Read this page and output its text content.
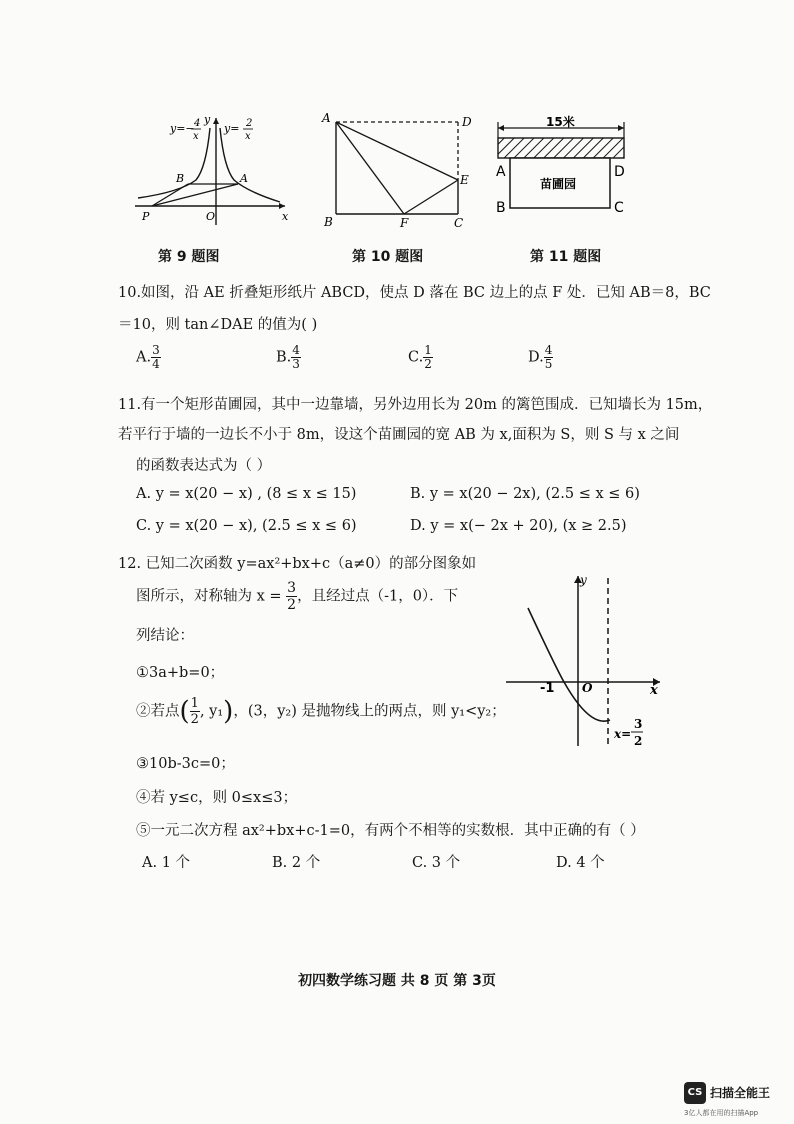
y=− 4
x
y= 2
x
y
x
B	A
P	O
第 9 题图
A	D
E
B	F	C
第 10 题图
15米
苗圃园
A	D
B	C
第 11 题图
10.如图，沿 AE 折叠矩形纸片 ABCD，使点 D 落在 BC 边上的点 F 处．已知 AB＝8，BC
＝10，则 tan∠DAE 的值为( )
A. $\frac{3}{4}$	B. $\frac{4}{3}$	C. $\frac{1}{2}$	D. $\frac{4}{5}$
11.有一个矩形苗圃园，其中一边靠墙，另外边用长为 20m 的篱笆围成．已知墙长为 15m，
若平行于墙的一边长不小于 8m，设这个苗圃园的宽 AB 为 x,面积为 S，则 S 与 x 之间
的函数表达式为（ ）
A. y = x(20 − x) , (8 ≤ x ≤ 15)	B. y = x(20 − 2x), (2.5 ≤ x ≤ 6)
C. y = x(20 − x), (2.5 ≤ x ≤ 6)	D. y = x(− 2x + 20), (x ≥ 2.5)
12. 已知二次函数 y=ax²+bx+c（a≠0）的部分图象如
图所示，对称轴为 $x = \frac{3}{2}$ ，且经过点（-1，0）．下
列结论：
①3a+b=0；
②若点( $\frac{1}{2}$ , y₁)，(3，y₂) 是抛物线上的两点，则 y₁<y₂；
③10b-3c=0；
④若 y≤c，则 0≤x≤3；
⑤一元二次方程 ax²+bx+c-1=0，有两个不相等的实数根．其中正确的有（ ）
A. 1 个	B. 2 个	C. 3 个	D. 4 个
y
x
-1 O
x=
3
2
初四数学练习题 共 8 页 第 3页
CS 扫描全能王
3亿人都在用的扫描App
